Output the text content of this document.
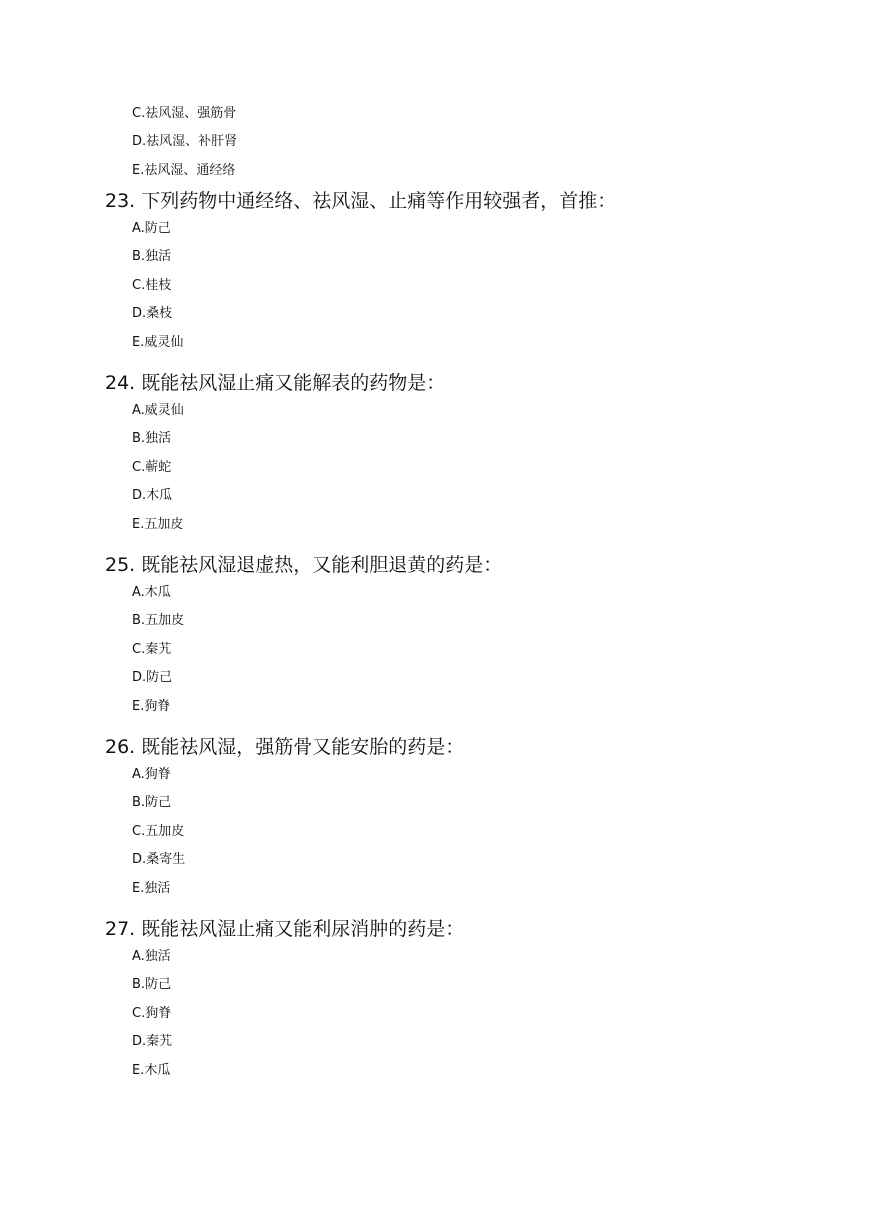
C.祛风湿、强筋骨
D.祛风湿、补肝肾
E.祛风湿、通经络
23. 下列药物中通经络、祛风湿、止痛等作用较强者，首推：
A.防己
B.独活
C.桂枝
D.桑枝
E.威灵仙
24. 既能祛风湿止痛又能解表的药物是：
A.威灵仙
B.独活
C.蕲蛇
D.木瓜
E.五加皮
25. 既能祛风湿退虚热，又能利胆退黄的药是：
A.木瓜
B.五加皮
C.秦艽
D.防己
E.狗脊
26. 既能祛风湿，强筋骨又能安胎的药是：
A.狗脊
B.防己
C.五加皮
D.桑寄生
E.独活
27. 既能祛风湿止痛又能利尿消肿的药是：
A.独活
B.防己
C.狗脊
D.秦艽
E.木瓜
